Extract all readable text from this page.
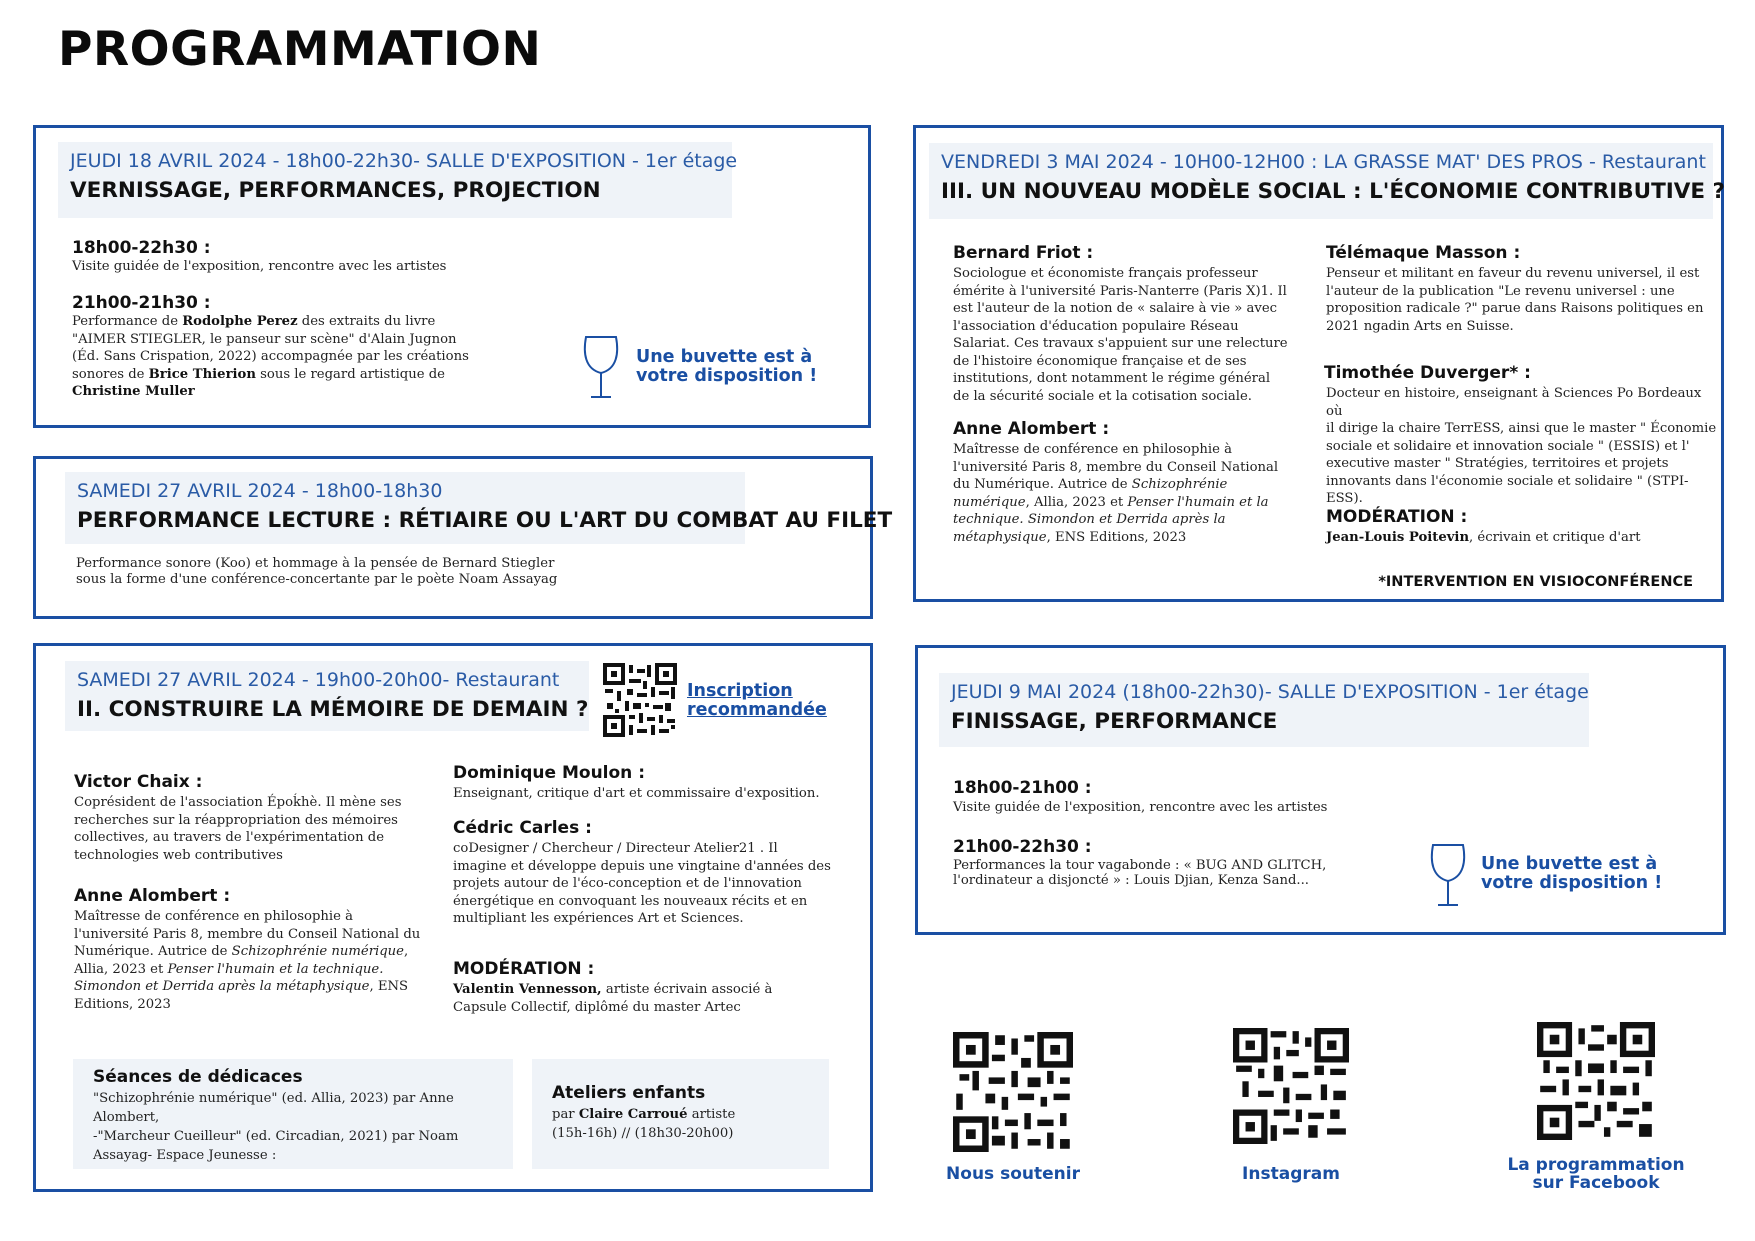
PROGRAMMATION
JEUDI 18 AVRIL 2024 - 18h00-22h30- SALLE D'EXPOSITION - 1er étage
VERNISSAGE, PERFORMANCES, PROJECTION
18h00-22h30 :
Visite guidée de l'exposition, rencontre avec les artistes
21h00-21h30 :
Performance de Rodolphe Perez des extraits du livre
"AIMER STIEGLER, le panseur sur scène" d'Alain Jugnon
(Éd. Sans Crispation, 2022) accompagnée par les créations
sonores de Brice Thierion sous le regard artistique de
Christine Muller
Une buvette est à
votre disposition !
SAMEDI 27 AVRIL 2024 - 18h00-18h30
PERFORMANCE LECTURE : RÉTIAIRE OU L'ART DU COMBAT AU FILET
Performance sonore (Koo) et hommage à la pensée de Bernard Stiegler
sous la forme d'une conférence-concertante par le poète Noam Assayag
SAMEDI 27 AVRIL 2024 - 19h00-20h00- Restaurant
II. CONSTRUIRE LA MÉMOIRE DE DEMAIN ?
Inscription
recommandée
Victor Chaix :
Coprésident de l'association Époḱhè. Il mène ses
recherches sur la réappropriation des mémoires
collectives, au travers de l'expérimentation de
technologies web contributives
Anne Alombert :
Maîtresse de conférence en philosophie à
l'université Paris 8, membre du Conseil National du
Numérique. Autrice de Schizophrénie numérique,
Allia, 2023 et Penser l'humain et la technique.
Simondon et Derrida après la métaphysique, ENS
Editions, 2023
Dominique Moulon :
Enseignant, critique d'art et commissaire d'exposition.
Cédric Carles :
coDesigner / Chercheur / Directeur Atelier21 . Il
imagine et développe depuis une vingtaine d'années des
projets autour de l'éco-conception et de l'innovation
énergétique en convoquant les nouveaux récits et en
multipliant les expériences Art et Sciences.
MODÉRATION :
Valentin Vennesson, artiste écrivain associé à
Capsule Collectif, diplômé du master Artec
Séances de dédicaces
"Schizophrénie numérique" (ed. Allia, 2023) par Anne
Alombert,
-"Marcheur Cueilleur" (ed. Circadian, 2021) par Noam
Assayag- Espace Jeunesse :
Ateliers enfants
par Claire Carroué artiste
(15h-16h) // (18h30-20h00)
VENDREDI 3 MAI 2024 - 10H00-12H00 : LA GRASSE MAT' DES PROS - Restaurant
III. UN NOUVEAU MODÈLE SOCIAL : L'ÉCONOMIE CONTRIBUTIVE ?
Bernard Friot :
Sociologue et économiste français professeur
émérite à l'université Paris-Nanterre (Paris X)1. Il
est l'auteur de la notion de « salaire à vie » avec
l'association d'éducation populaire Réseau
Salariat. Ces travaux s'appuient sur une relecture
de l'histoire économique française et de ses
institutions, dont notamment le régime général
de la sécurité sociale et la cotisation sociale.
Anne Alombert :
Maîtresse de conférence en philosophie à
l'université Paris 8, membre du Conseil National
du Numérique. Autrice de Schizophrénie
numérique, Allia, 2023 et Penser l'humain et la
technique. Simondon et Derrida après la
métaphysique, ENS Editions, 2023
Télémaque Masson :
Penseur et militant en faveur du revenu universel, il est
l'auteur de la publication "Le revenu universel : une
proposition radicale ?" parue dans Raisons politiques en
2021 ngadin Arts en Suisse.
Timothée Duverger* :
Docteur en histoire, enseignant à Sciences Po Bordeaux où
il dirige la chaire TerrESS, ainsi que le master " Économie
sociale et solidaire et innovation sociale " (ESSIS) et l'
executive master " Stratégies, territoires et projets
innovants dans l'économie sociale et solidaire " (STPI-ESS).
MODÉRATION :
Jean-Louis Poitevin, écrivain et critique d'art
*INTERVENTION EN VISIOCONFÉRENCE
JEUDI 9 MAI 2024 (18h00-22h30)- SALLE D'EXPOSITION - 1er étage
FINISSAGE, PERFORMANCE
18h00-21h00 :
Visite guidée de l'exposition, rencontre avec les artistes
21h00-22h30 :
Performances la tour vagabonde : « BUG AND GLITCH,
l'ordinateur a disjoncté » : Louis Djian, Kenza Sand...
Une buvette est à
votre disposition !
Nous soutenir	Instagram	La programmation
sur Facebook
